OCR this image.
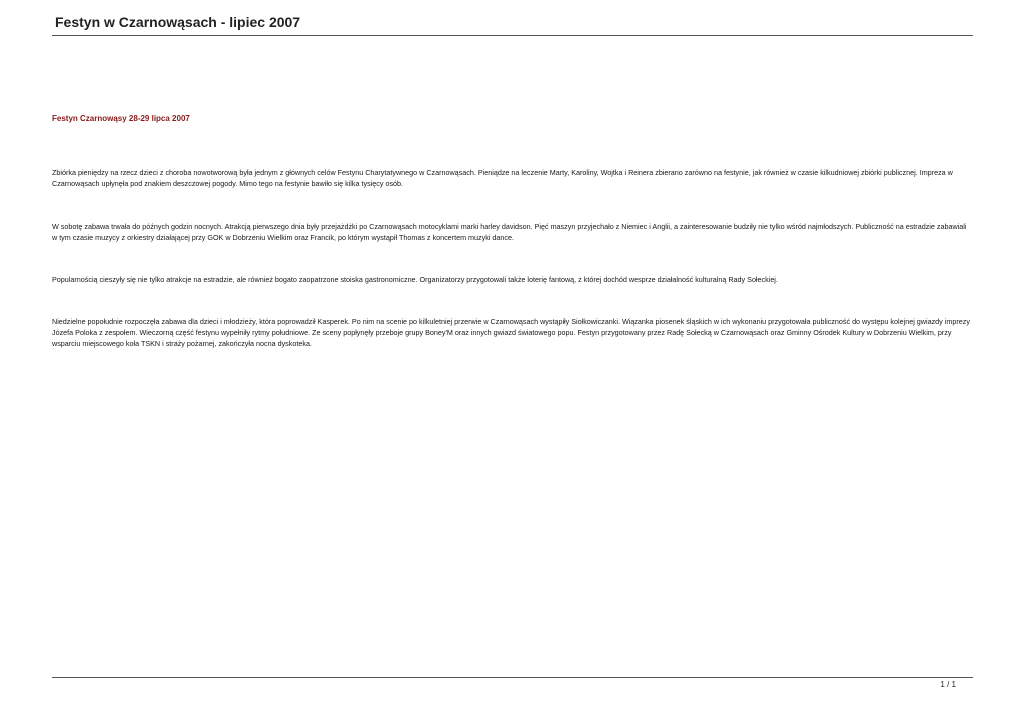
Festyn w Czarnowąsach - lipiec 2007
Festyn Czarnowąsy 28-29 lipca 2007

Zbiórka pieniędzy na rzecz dzieci z choroba nowotworową była jednym z głównych celów Festynu Charytatywnego w Czarnowąsach. Pieniądze na leczenie Marty, Karoliny, Wojtka i Reinera zbierano zarówno na festynie, jak również w czasie kilkudniowej zbiórki publicznej. Impreza w Czarnowąsach upłynęła pod znakiem deszczowej pogody. Mimo tego na festynie bawiło się kilka tysięcy osób.

W sobotę zabawa trwała do późnych godzin nocnych. Atrakcją pierwszego dnia były przejażdżki po Czarnowąsach motocyklami marki harley davidson. Pięć maszyn przyjechało z Niemiec i Anglii, a zainteresowanie budziły nie tylko wśród najmłodszych. Publiczność na estradzie zabawiali w tym czasie muzycy z orkiestry działającej przy GOK w Dobrzeniu Wielkim oraz Francik, po którym wystąpił Thomas z koncertem muzyki dance.

Popularnością cieszyły się nie tylko atrakcje na estradzie, ale również bogato zaopatrzone stoiska gastronomiczne. Organizatorzy przygotowali także loterię fantową, z której dochód wesprze działalność kulturalną Rady Sołeckiej.

Niedzielne popołudnie rozpoczęła zabawa dla dzieci i młodzieży, która poprowadził Kasperek. Po nim na scenie po kilkuletniej przerwie w Czarnowąsach wystąpiły Siołkowiczanki. Wiązanka piosenek śląskich w ich wykonaniu przygotowała publiczność do występu kolejnej gwiazdy imprezy Józefa Poloka z zespołem. Wieczorną część festynu wypełniły rytmy południowe. Ze sceny popłynęły przeboje grupy Boney'M oraz innych gwiazd światowego popu. Festyn przygotowany przez Radę Sołecką w Czarnowąsach oraz Gminny Ośrodek Kultury w Dobrzeniu Wielkim, przy wsparciu miejscowego koła TSKN i straży pożarnej, zakończyła nocna dyskoteka.

1 / 1
